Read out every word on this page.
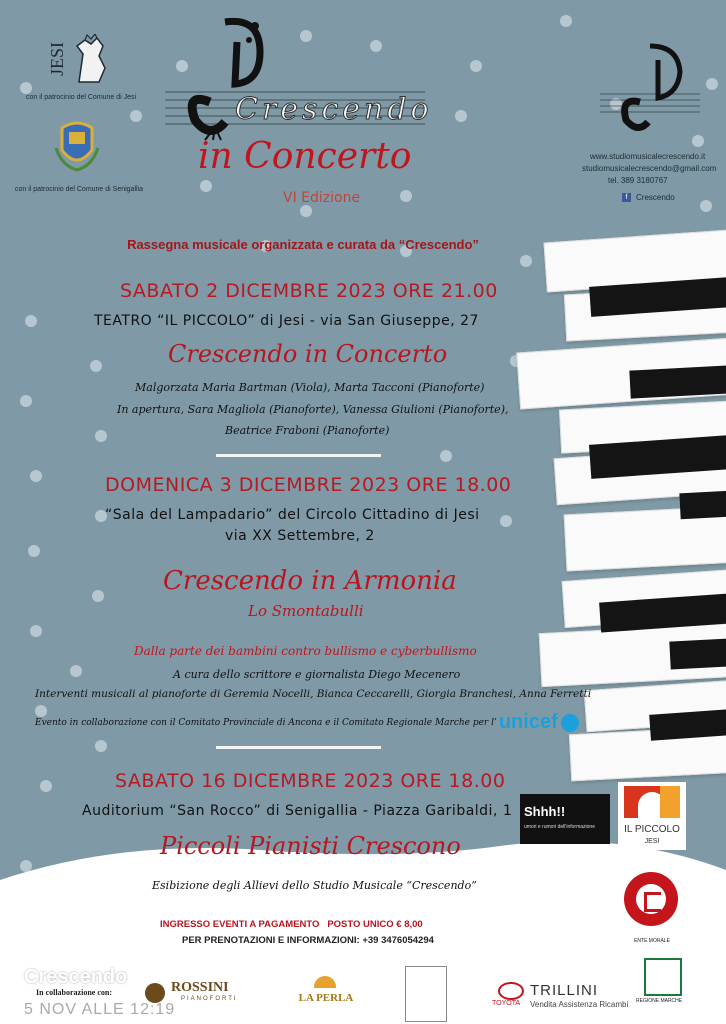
JESI
con il patrocinio del Comune di Jesi
con il patrocinio del Comune di Senigallia
Crescendo
in Concerto
VI Edizione
www.studiomusicalecrescendo.it
studiomusicalecrescendo@gmail.com
tel. 389 3180767
f	Crescendo
Rassegna musicale organizzata e curata da “Crescendo”
SABATO 2 DICEMBRE 2023 ORE 21.00
TEATRO “IL PICCOLO” di Jesi - via San Giuseppe, 27
Crescendo in Concerto
Malgorzata Maria Bartman (Viola), Marta Tacconi (Pianoforte)
In apertura, Sara Magliola (Pianoforte), Vanessa Giulioni (Pianoforte),
Beatrice Fraboni (Pianoforte)
DOMENICA 3 DICEMBRE 2023 ORE 18.00
“Sala del Lampadario” del Circolo Cittadino di Jesi
via XX Settembre, 2
Crescendo in Armonia
Lo Smontabulli
Dalla parte dei bambini contro bullismo e cyberbullismo
A cura dello scrittore e giornalista Diego Mecenero
Interventi musicali al pianoforte di Geremia Nocelli, Bianca Ceccarelli, Giorgia Branchesi, Anna Ferretti
Evento in collaborazione con il Comitato Provinciale di Ancona e il Comitato Regionale Marche per l’ unicef
SABATO 16 DICEMBRE 2023 ORE 18.00
Auditorium “San Rocco” di Senigallia - Piazza Garibaldi, 1
Piccoli Pianisti Crescono
Esibizione degli Allievi dello Studio Musicale “Crescendo”
Shhh!!
umori e rumori dell'informazione	IL PICCOLO
JESI
ENTE MORALE
INGRESSO EVENTI A PAGAMENTO   POSTO UNICO € 8,00
PER PRENOTAZIONI E INFORMAZIONI: +39 3476054294
In collaborazione con:	ROSSINI
PIANOFORTI	LA PERLA	TOYOTA
TRILLINI
Vendita Assistenza Ricambi REGIONE MARCHE
Crescendo
5 NOV ALLE 12:19
